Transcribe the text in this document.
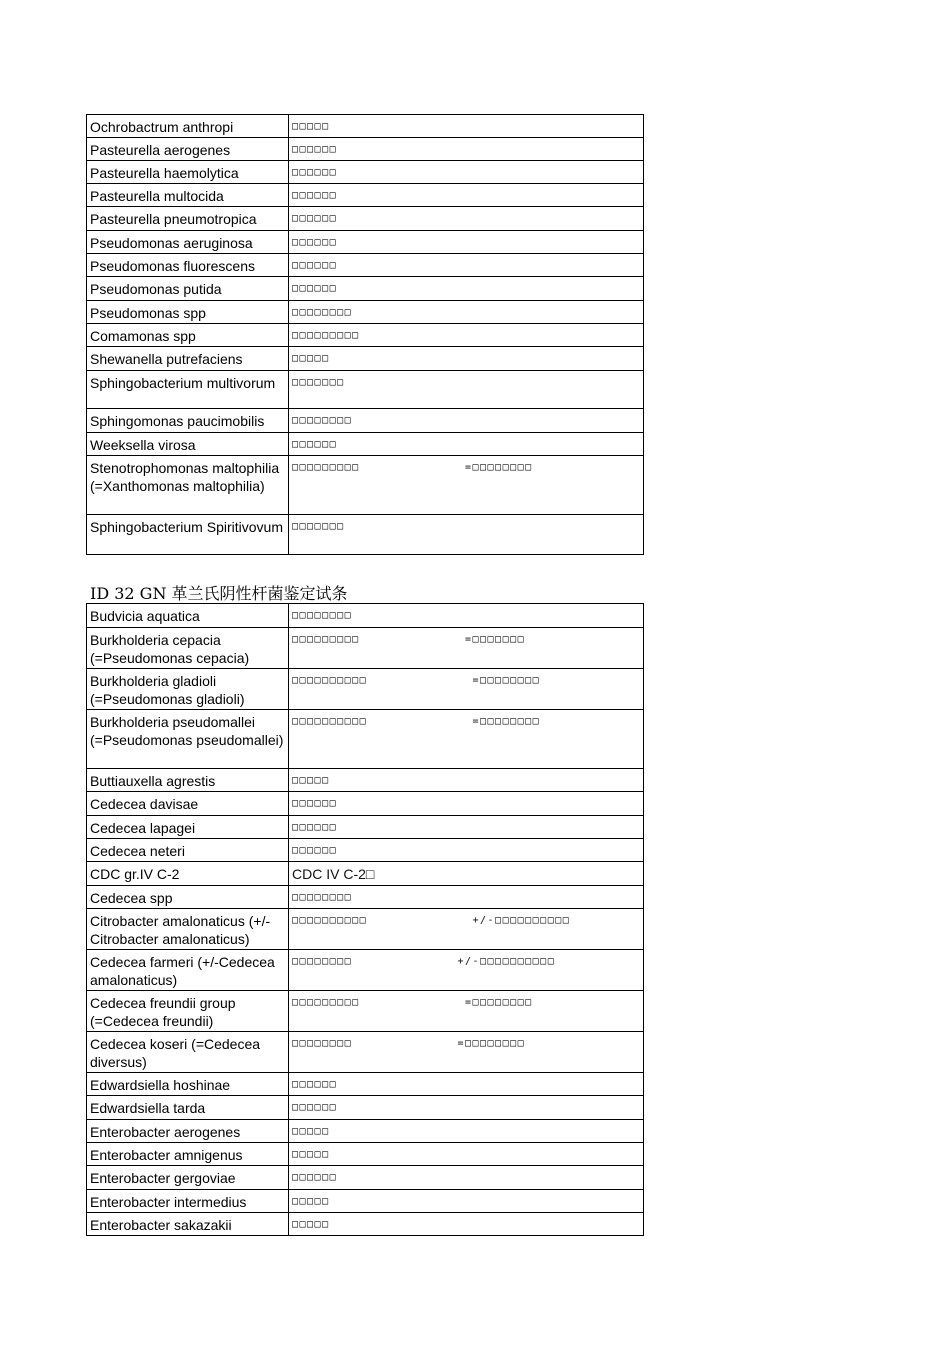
Ochrobactrum anthropi	□□□□□
Pasteurella aerogenes	□□□□□□
Pasteurella haemolytica	□□□□□□
Pasteurella multocida	□□□□□□
Pasteurella pneumotropica	□□□□□□
Pseudomonas aeruginosa	□□□□□□
Pseudomonas fluorescens	□□□□□□
Pseudomonas putida	□□□□□□
Pseudomonas spp	□□□□□□□□
Comamonas spp	□□□□□□□□□
Shewanella putrefaciens	□□□□□
Sphingobacterium multivorum	□□□□□□□
Sphingomonas paucimobilis	□□□□□□□□
Weeksella virosa	□□□□□□
Stenotrophomonas maltophilia (=Xanthomonas maltophilia)	□□□□□□□□□              =□□□□□□□□
Sphingobacterium Spiritivovum	□□□□□□□
ID 32 GN 革兰氏阴性杆菌鉴定试条
Budvicia aquatica	□□□□□□□□
Burkholderia cepacia (=Pseudomonas cepacia)	□□□□□□□□□              =□□□□□□□
Burkholderia gladioli (=Pseudomonas gladioli)	□□□□□□□□□□              =□□□□□□□□
Burkholderia pseudomallei (=Pseudomonas pseudomallei)	□□□□□□□□□□              =□□□□□□□□
Buttiauxella agrestis	□□□□□
Cedecea davisae	□□□□□□
Cedecea lapagei	□□□□□□
Cedecea neteri	□□□□□□
CDC gr.IV C-2	CDC IV C-2□
Cedecea spp	□□□□□□□□
Citrobacter amalonaticus (+/-Citrobacter amalonaticus)	□□□□□□□□□□              +/-□□□□□□□□□□
Cedecea farmeri (+/-Cedecea amalonaticus)	□□□□□□□□              +/-□□□□□□□□□□
Cedecea freundii group (=Cedecea freundii)	□□□□□□□□□              =□□□□□□□□
Cedecea koseri (=Cedecea diversus)	□□□□□□□□              =□□□□□□□□
Edwardsiella hoshinae	□□□□□□
Edwardsiella tarda	□□□□□□
Enterobacter aerogenes	□□□□□
Enterobacter amnigenus	□□□□□
Enterobacter gergoviae	□□□□□□
Enterobacter intermedius	□□□□□
Enterobacter sakazakii	□□□□□
